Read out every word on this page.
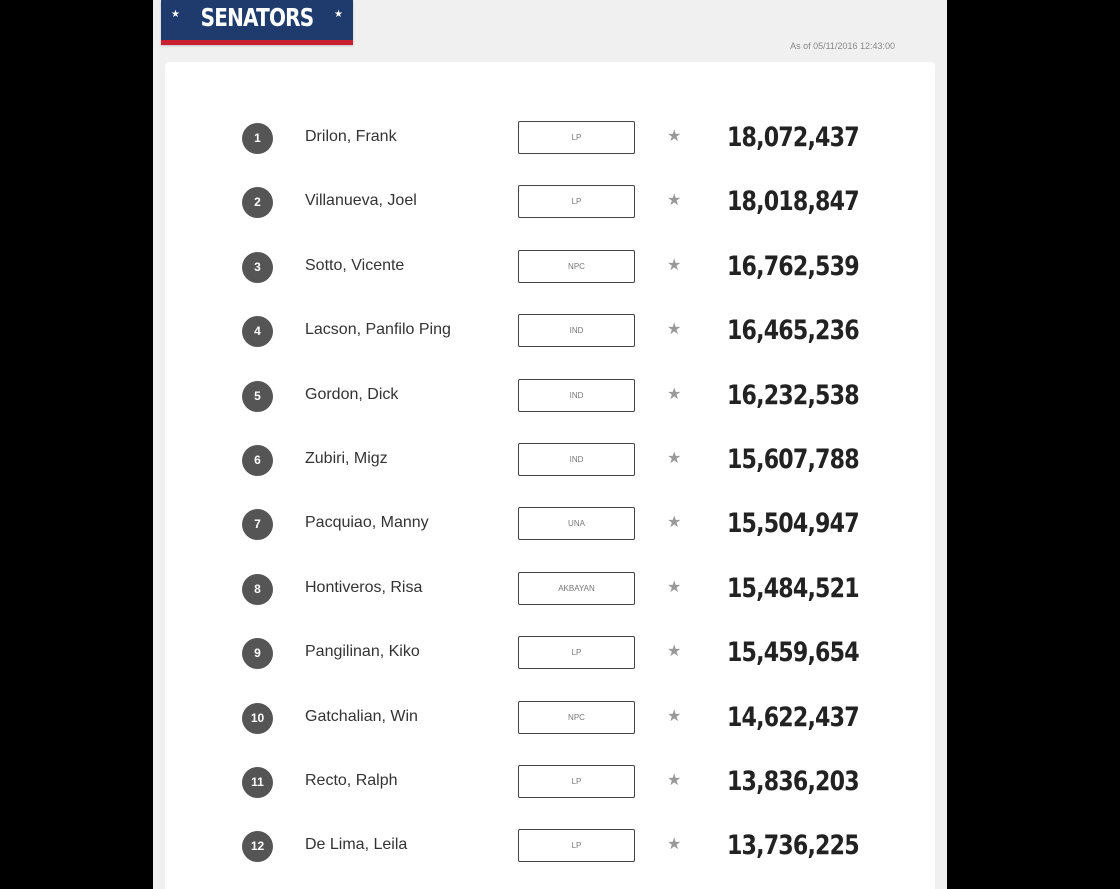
★ SENATORS	★
As of 05/11/2016 12:43:00
1	Drilon, Frank	LP	★ 18,072,437
2	Villanueva, Joel	LP	★ 18,018,847
3	Sotto, Vicente	NPC	★ 16,762,539
4	Lacson, Panfilo Ping	IND	★ 16,465,236
5	Gordon, Dick	IND	★ 16,232,538
6	Zubiri, Migz	IND	★ 15,607,788
7	Pacquiao, Manny	UNA	★ 15,504,947
8	Hontiveros, Risa	AKBAYAN	★ 15,484,521
9	Pangilinan, Kiko	LP	★ 15,459,654
10	Gatchalian, Win	NPC	★ 14,622,437
11	Recto, Ralph	LP	★ 13,836,203
12	De Lima, Leila	LP	★ 13,736,225
